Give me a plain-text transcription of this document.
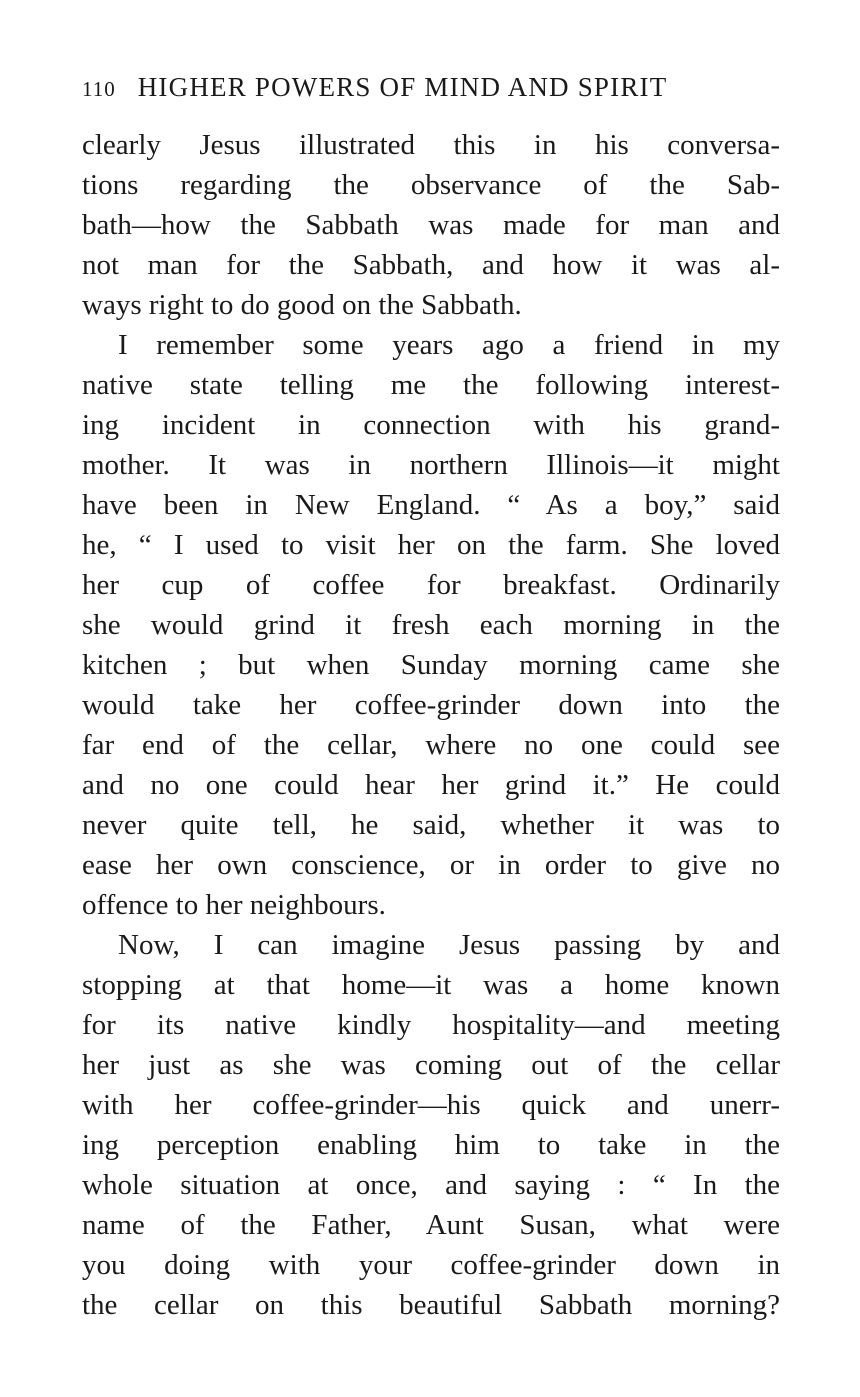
110 HIGHER POWERS OF MIND AND SPIRIT
clearly Jesus illustrated this in his conversa-
tions regarding the observance of the Sab-
bath—how the Sabbath was made for man and
not man for the Sabbath, and how it was al-
ways right to do good on the Sabbath.
I remember some years ago a friend in my
native state telling me the following interest-
ing incident in connection with his grand-
mother. It was in northern Illinois—it might
have been in New England. “ As a boy,” said
he, “ I used to visit her on the farm. She loved
her cup of coffee for breakfast. Ordinarily
she would grind it fresh each morning in the
kitchen ; but when Sunday morning came she
would take her coffee-grinder down into the
far end of the cellar, where no one could see
and no one could hear her grind it.” He could
never quite tell, he said, whether it was to
ease her own conscience, or in order to give no
offence to her neighbours.
Now, I can imagine Jesus passing by and
stopping at that home—it was a home known
for its native kindly hospitality—and meeting
her just as she was coming out of the cellar
with her coffee-grinder—his quick and unerr-
ing perception enabling him to take in the
whole situation at once, and saying : “ In the
name of the Father, Aunt Susan, what were
you doing with your coffee-grinder down in
the cellar on this beautiful Sabbath morning?
